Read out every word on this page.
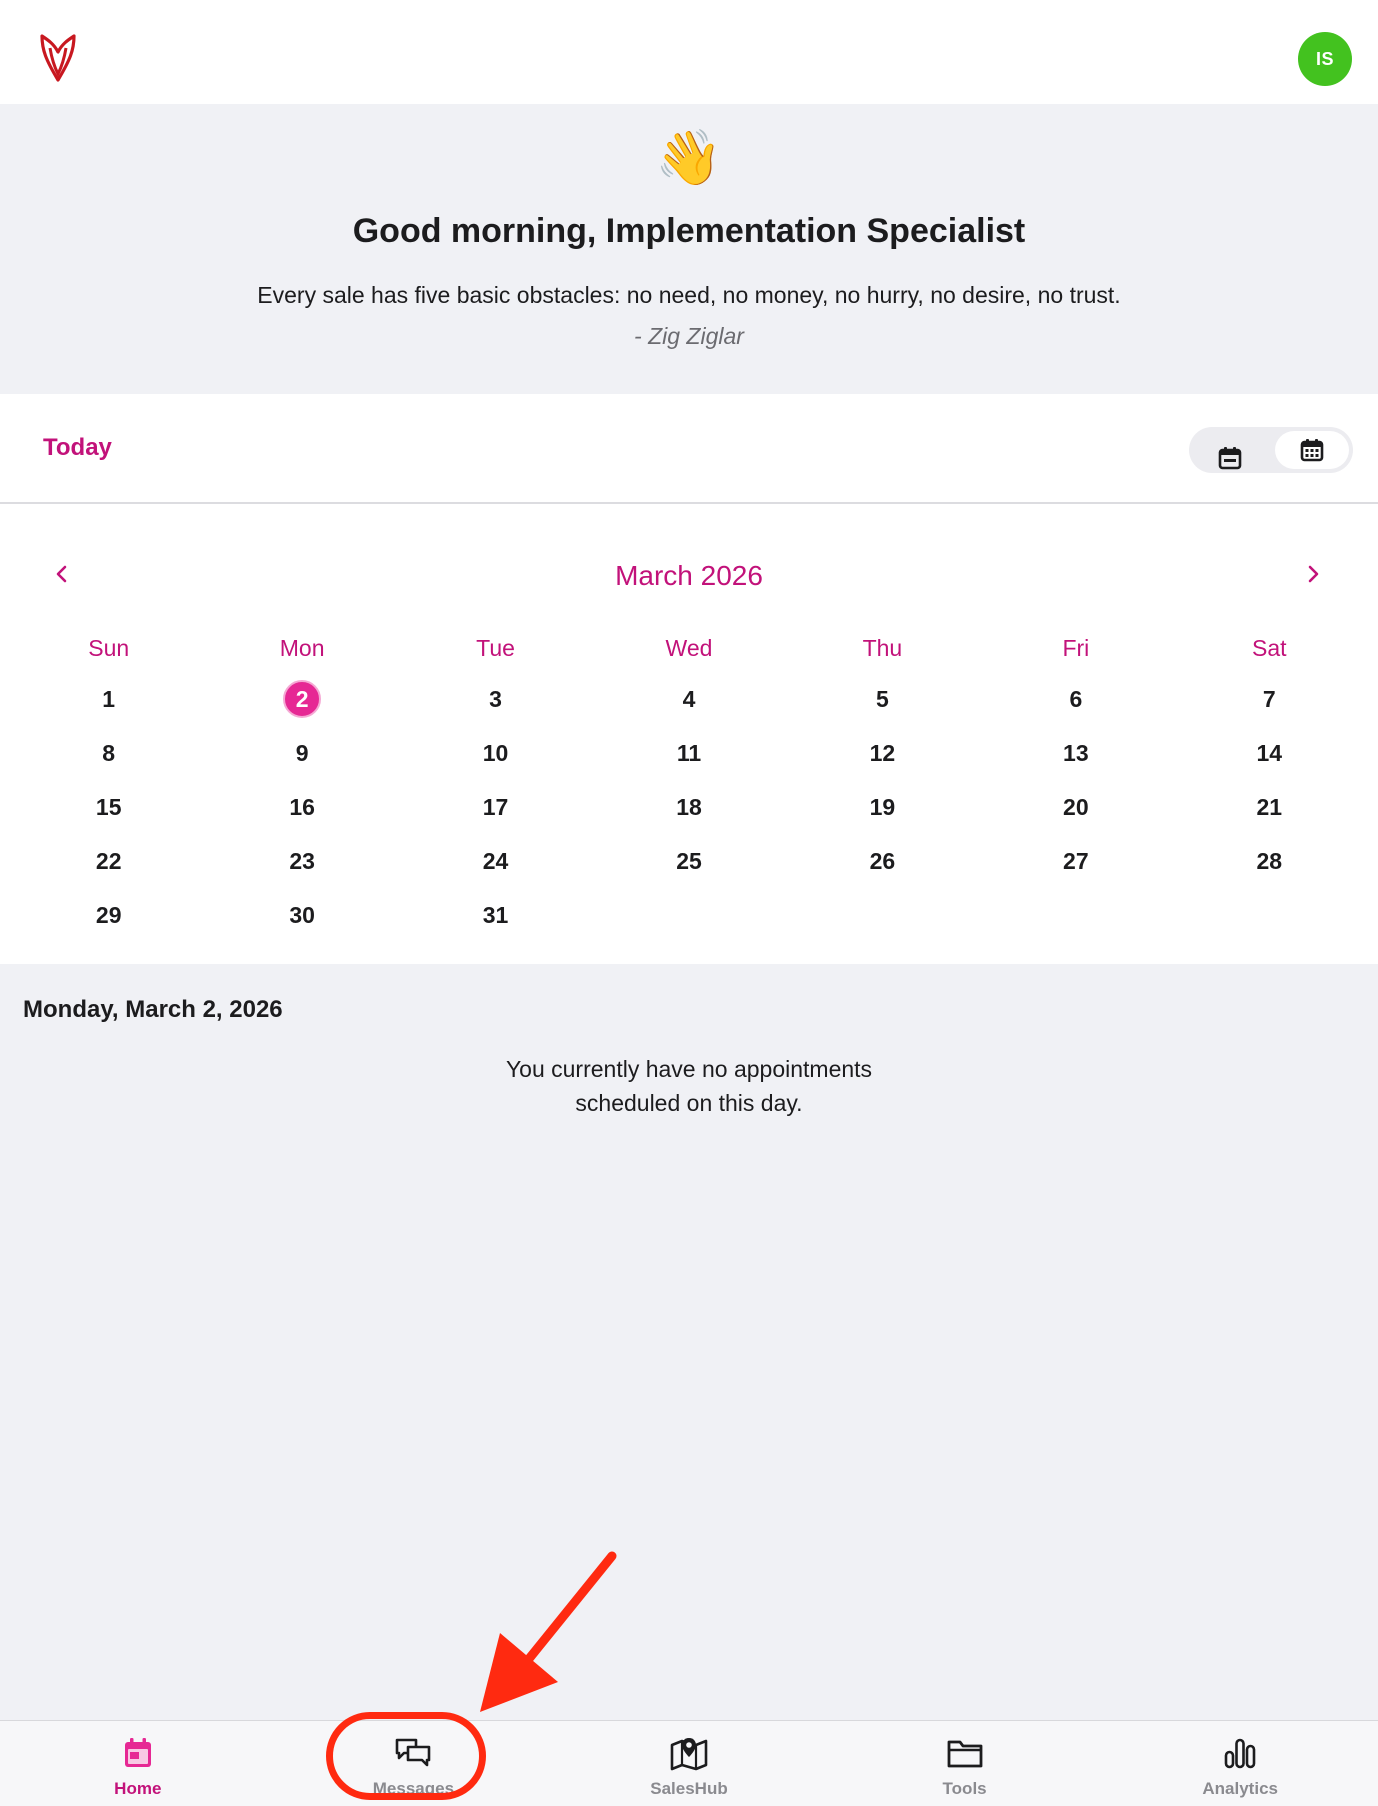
IS
👋
Good morning, Implementation Specialist
Every sale has five basic obstacles: no need, no money, no hurry, no desire, no trust.
- Zig Ziglar
Today
March 2026
Sun	Mon	Tue	Wed	Thu	Fri	Sat
1	2	3	4	5	6	7
8	9	10	11	12	13	14
15	16	17	18	19	20	21
22	23	24	25	26	27	28
29	30	31
Monday, March 2, 2026
You currently have no appointments
scheduled on this day.
Home	Messages	SalesHub	Tools	Analytics
